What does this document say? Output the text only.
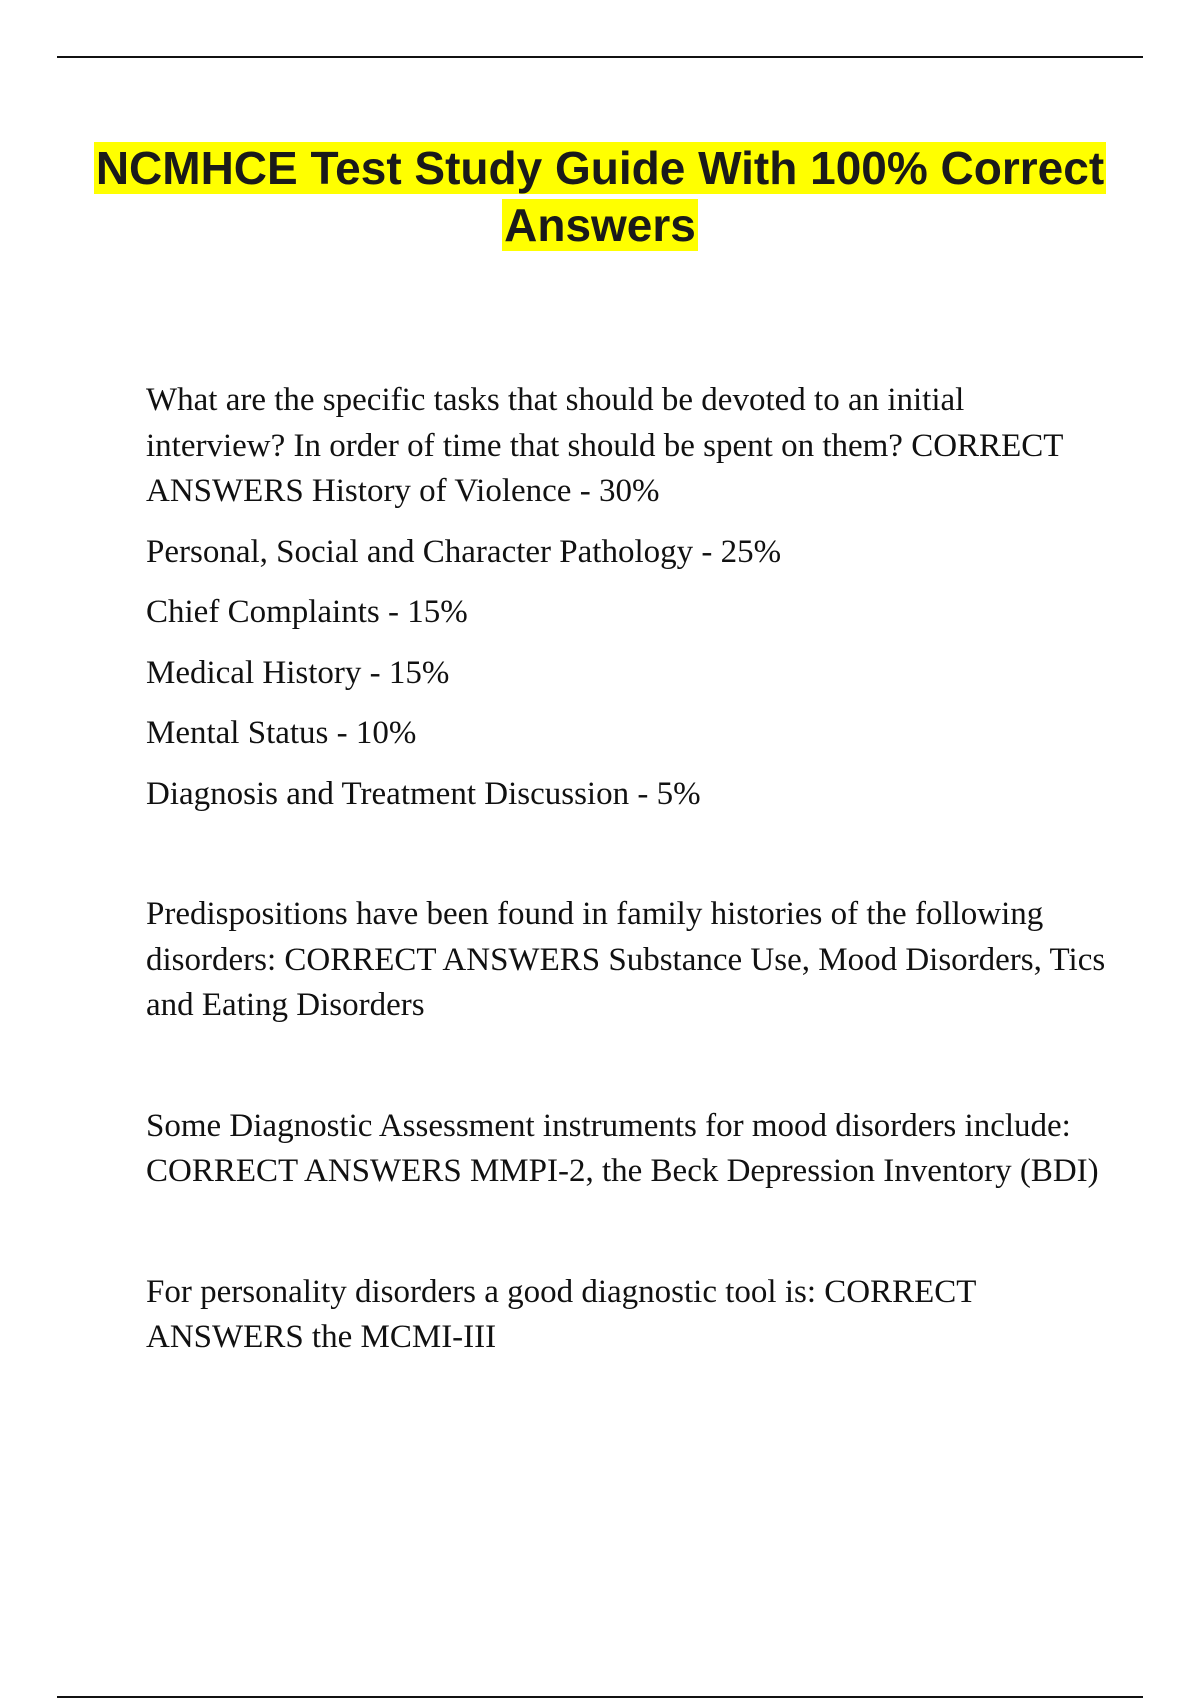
NCMHCE Test Study Guide With 100% Correct Answers

What are the specific tasks that should be devoted to an initial interview? In order of time that should be spent on them? CORRECT ANSWERS History of Violence - 30%

Personal, Social and Character Pathology - 25%

Chief Complaints - 15%

Medical History - 15%

Mental Status - 10%

Diagnosis and Treatment Discussion - 5%

Predispositions have been found in family histories of the following disorders: CORRECT ANSWERS Substance Use, Mood Disorders, Tics and Eating Disorders

Some Diagnostic Assessment instruments for mood disorders include: CORRECT ANSWERS MMPI-2, the Beck Depression Inventory (BDI)

For personality disorders a good diagnostic tool is: CORRECT ANSWERS the MCMI-III
